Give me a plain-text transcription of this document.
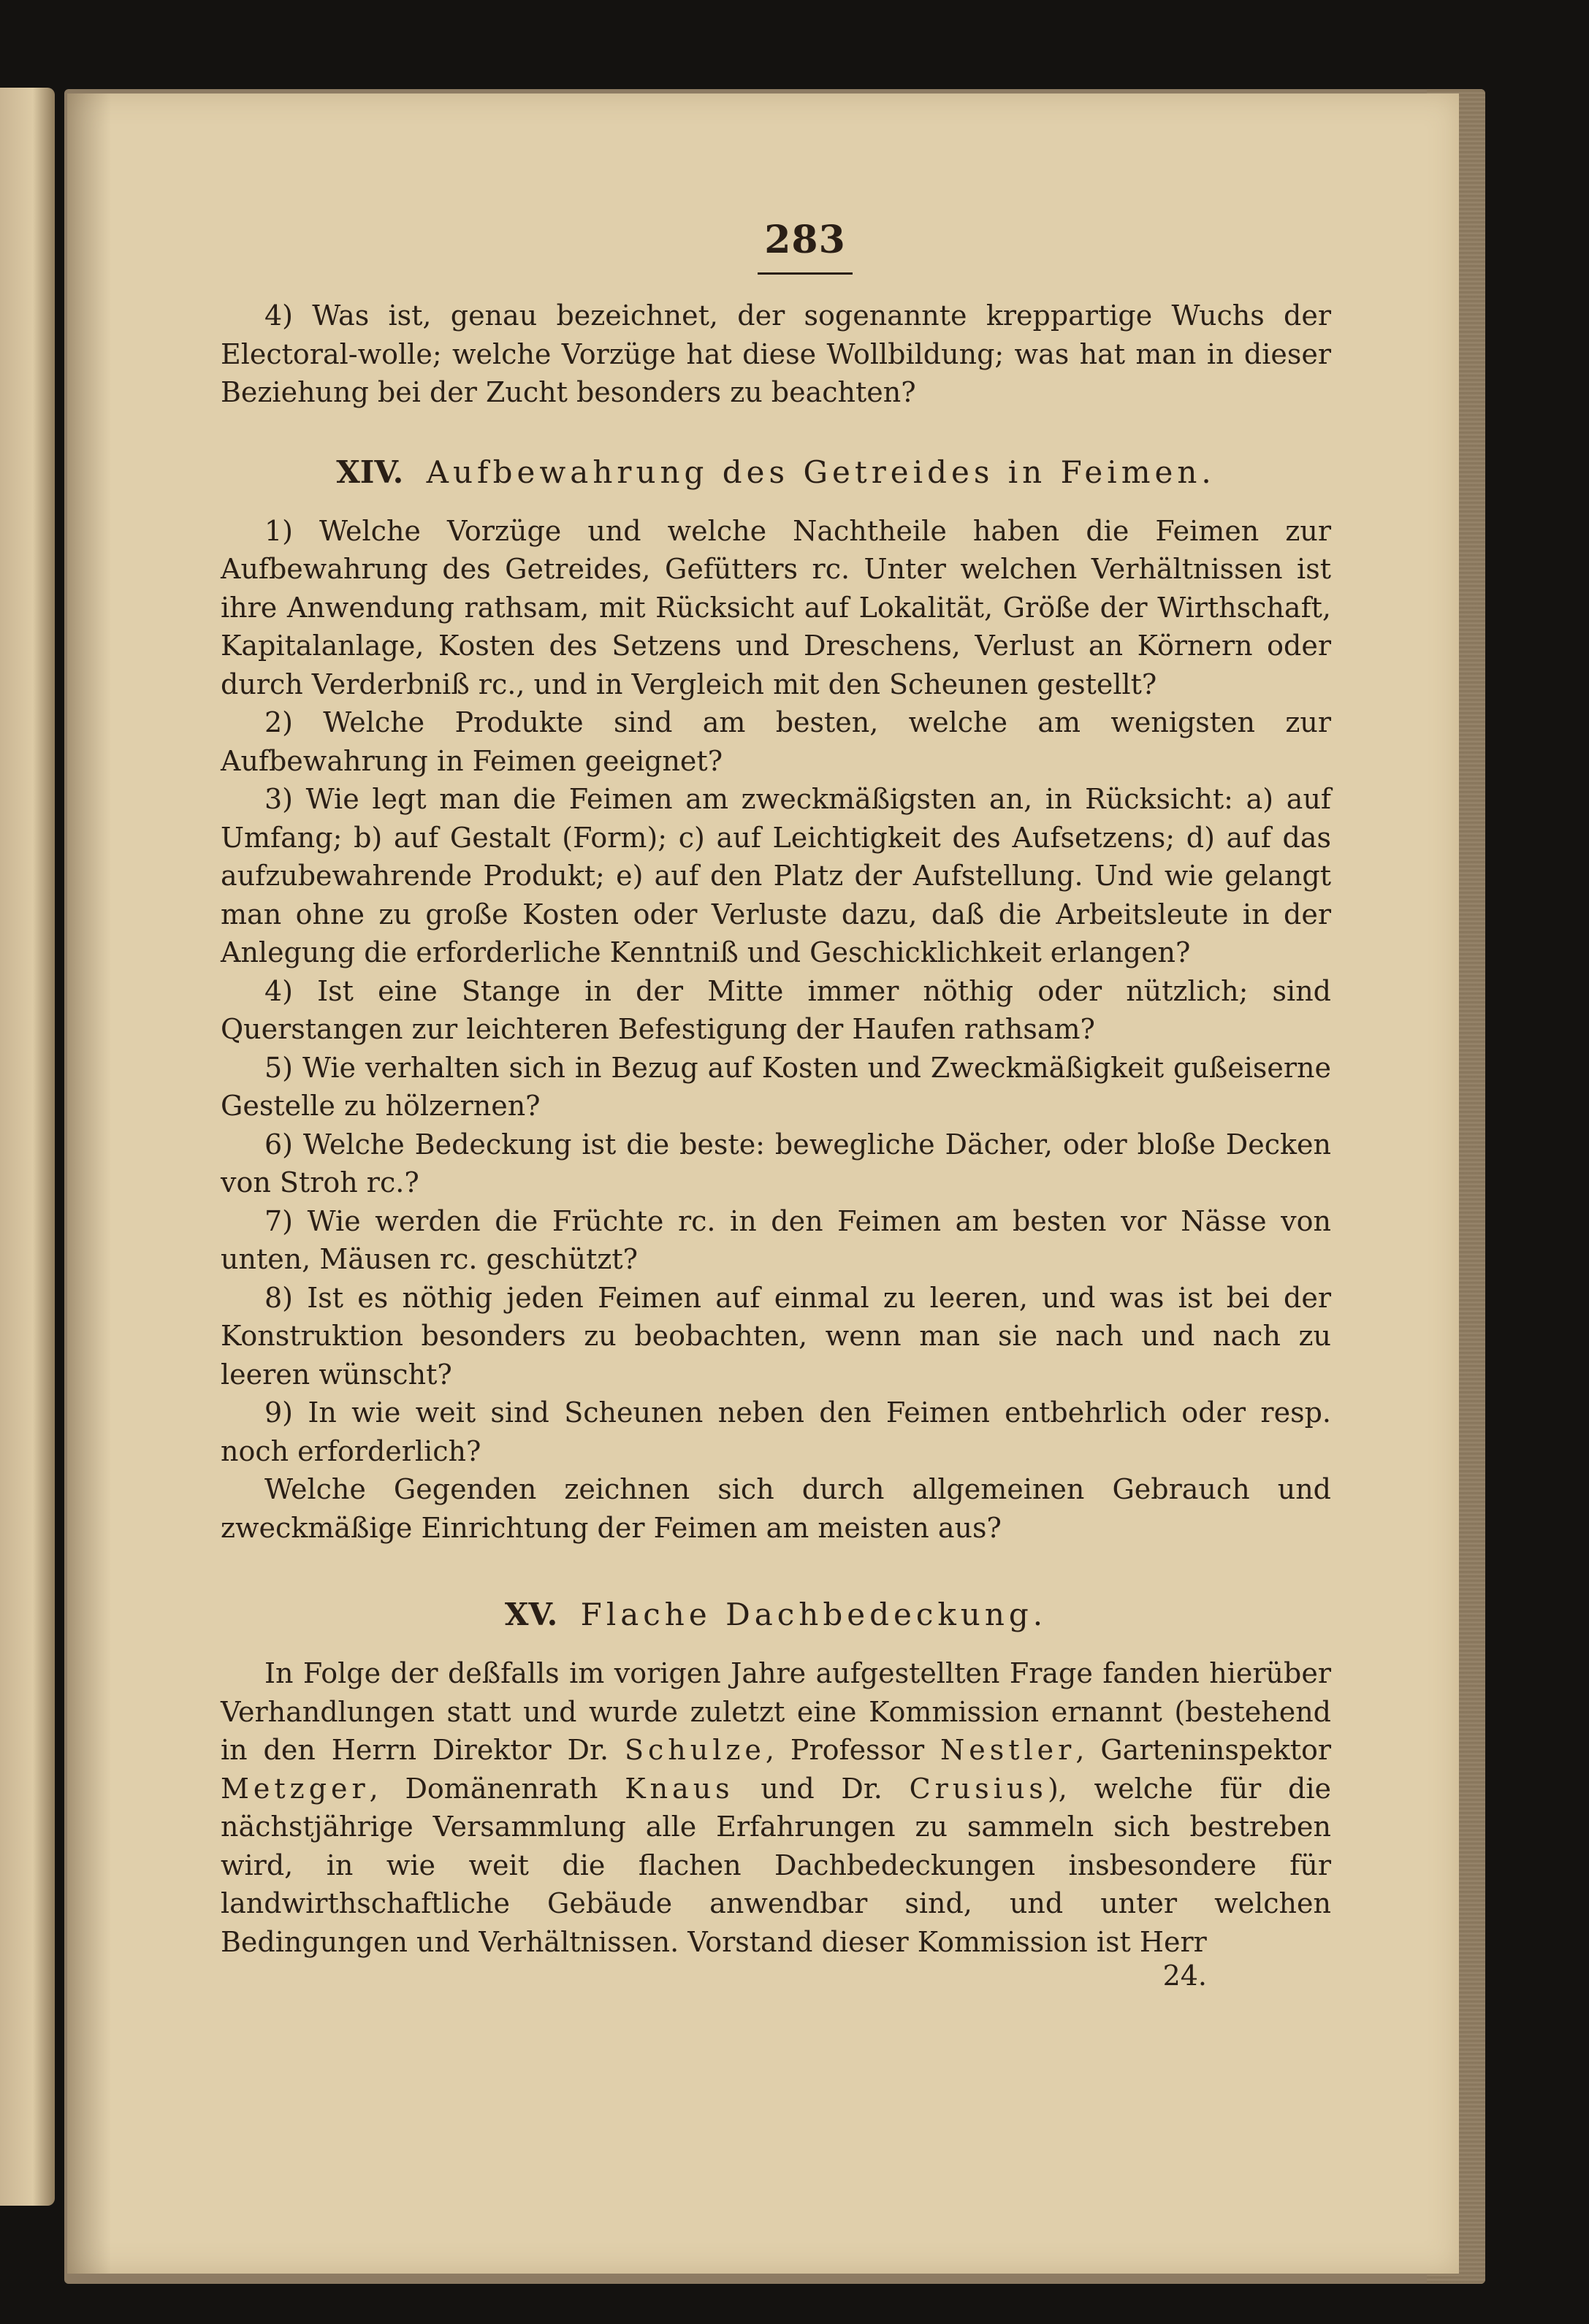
283

4) Was ist, genau bezeichnet, der sogenannte kreppartige Wuchs der Electoral-wolle; welche Vorzüge hat diese Wollbildung; was hat man in dieser Beziehung bei der Zucht besonders zu beachten?

XIV. Aufbewahrung des Getreides in Feimen.

1) Welche Vorzüge und welche Nachtheile haben die Feimen zur Aufbewahrung des Getreides, Gefütters rc. Unter welchen Verhältnissen ist ihre Anwendung rathsam, mit Rücksicht auf Lokalität, Größe der Wirthschaft, Kapitalanlage, Kosten des Setzens und Dreschens, Verlust an Körnern oder durch Verderbniß rc., und in Vergleich mit den Scheunen gestellt?

2) Welche Produkte sind am besten, welche am wenigsten zur Aufbewahrung in Feimen geeignet?

3) Wie legt man die Feimen am zweckmäßigsten an, in Rücksicht: a) auf Umfang; b) auf Gestalt (Form); c) auf Leichtigkeit des Aufsetzens; d) auf das aufzubewahrende Produkt; e) auf den Platz der Aufstellung. Und wie gelangt man ohne zu große Kosten oder Verluste dazu, daß die Arbeitsleute in der Anlegung die erforderliche Kenntniß und Geschicklichkeit erlangen?

4) Ist eine Stange in der Mitte immer nöthig oder nützlich; sind Querstangen zur leichteren Befestigung der Haufen rathsam?

5) Wie verhalten sich in Bezug auf Kosten und Zweckmäßigkeit gußeiserne Gestelle zu hölzernen?

6) Welche Bedeckung ist die beste: bewegliche Dächer, oder bloße Decken von Stroh rc.?

7) Wie werden die Früchte rc. in den Feimen am besten vor Nässe von unten, Mäusen rc. geschützt?

8) Ist es nöthig jeden Feimen auf einmal zu leeren, und was ist bei der Konstruktion besonders zu beobachten, wenn man sie nach und nach zu leeren wünscht?

9) In wie weit sind Scheunen neben den Feimen entbehrlich oder resp. noch erforderlich?

Welche Gegenden zeichnen sich durch allgemeinen Gebrauch und zweckmäßige Einrichtung der Feimen am meisten aus?

XV. Flache Dachbedeckung.

In Folge der deßfalls im vorigen Jahre aufgestellten Frage fanden hierüber Verhandlungen statt und wurde zuletzt eine Kommission ernannt (bestehend in den Herrn Direktor Dr. Schulze, Professor Nestler, Garteninspektor Metzger, Domänenrath Knaus und Dr. Crusius), welche für die nächstjährige Versammlung alle Erfahrungen zu sammeln sich bestreben wird, in wie weit die flachen Dachbedeckungen insbesondere für landwirthschaftliche Gebäude anwendbar sind, und unter welchen Bedingungen und Verhältnissen. Vorstand dieser Kommission ist Herr

24.
